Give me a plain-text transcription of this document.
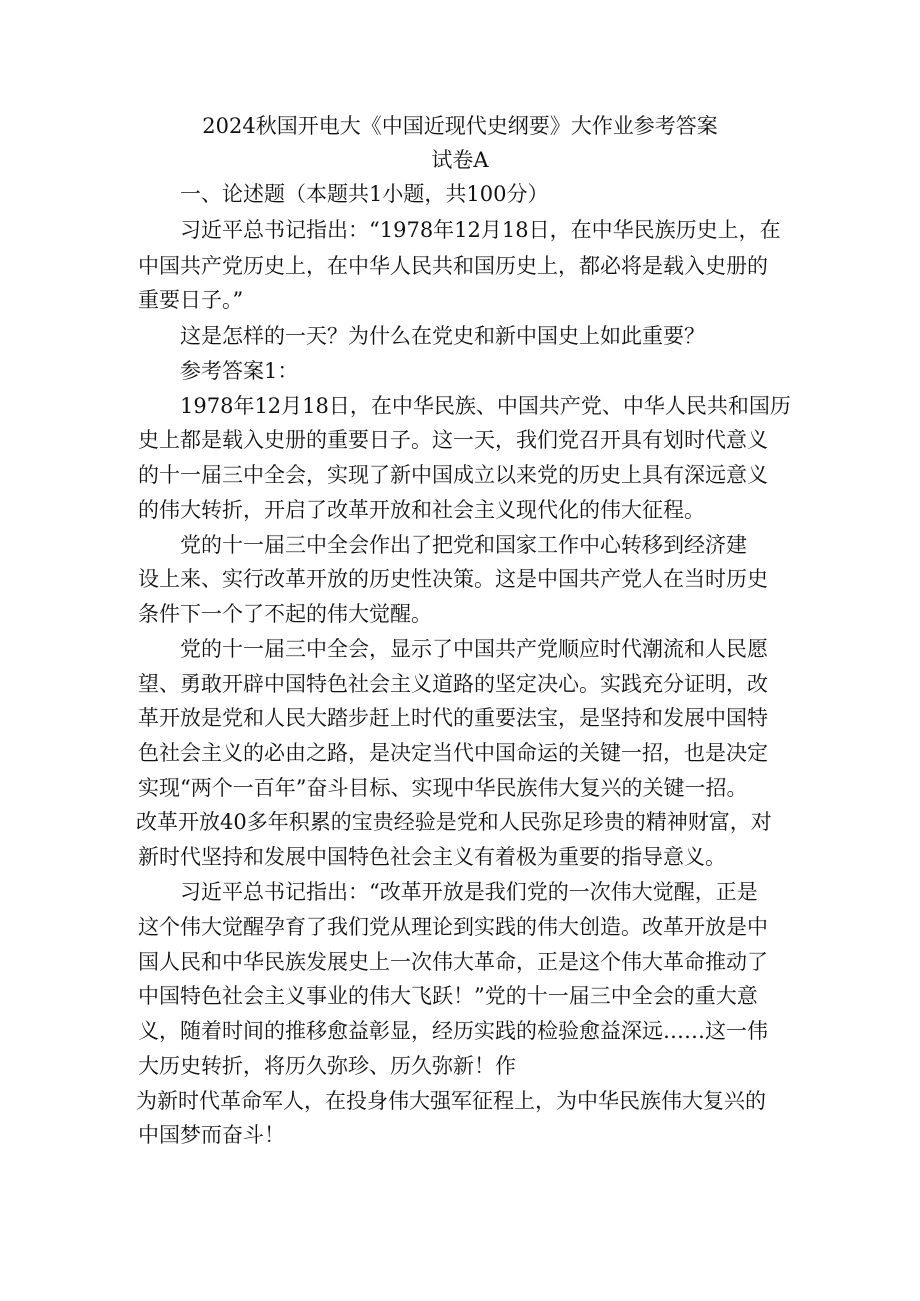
2024秋国开电大《中国近现代史纲要》大作业参考答案
试卷A
一、论述题（本题共1小题，共100分）
习近平总书记指出：“1978年12月18日，在中华民族历史上，在
中国共产党历史上，在中华人民共和国历史上，都必将是载入史册的
重要日子。”
这是怎样的一天？为什么在党史和新中国史上如此重要？
参考答案1：
1978年12月18日，在中华民族、中国共产党、中华人民共和国历
史上都是载入史册的重要日子。这一天，我们党召开具有划时代意义
的十一届三中全会，实现了新中国成立以来党的历史上具有深远意义
的伟大转折，开启了改革开放和社会主义现代化的伟大征程。
党的十一届三中全会作出了把党和国家工作中心转移到经济建
设上来、实行改革开放的历史性决策。这是中国共产党人在当时历史
条件下一个了不起的伟大觉醒。
党的十一届三中全会，显示了中国共产党顺应时代潮流和人民愿
望、勇敢开辟中国特色社会主义道路的坚定决心。实践充分证明，改
革开放是党和人民大踏步赶上时代的重要法宝，是坚持和发展中国特
色社会主义的必由之路，是决定当代中国命运的关键一招，也是决定
实现“两个一百年”奋斗目标、实现中华民族伟大复兴的关键一招。
改革开放40多年积累的宝贵经验是党和人民弥足珍贵的精神财富，对
新时代坚持和发展中国特色社会主义有着极为重要的指导意义。
习近平总书记指出：“改革开放是我们党的一次伟大觉醒，正是
这个伟大觉醒孕育了我们党从理论到实践的伟大创造。改革开放是中
国人民和中华民族发展史上一次伟大革命，正是这个伟大革命推动了
中国特色社会主义事业的伟大飞跃！”党的十一届三中全会的重大意
义，随着时间的推移愈益彰显，经历实践的检验愈益深远……这一伟
大历史转折，将历久弥珍、历久弥新！作
为新时代革命军人，在投身伟大强军征程上，为中华民族伟大复兴的
中国梦而奋斗！
